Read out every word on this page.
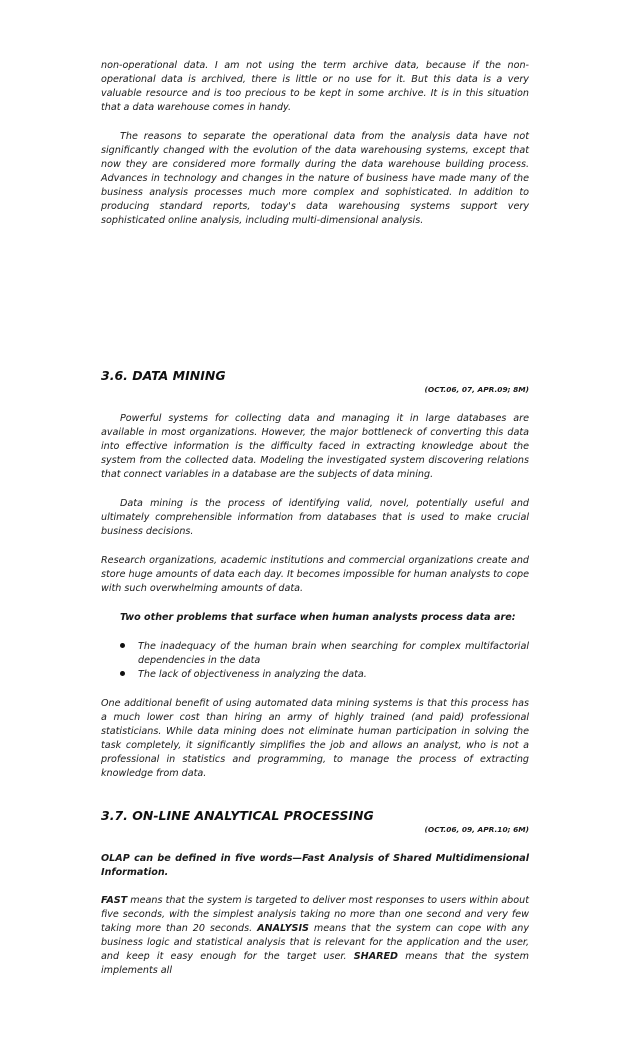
non-operational data. I am not using the term archive data, because if the non-operational data is archived, there is little or no use for it. But this data is a very valuable resource and is too precious to be kept in some archive. It is in this situation that a data warehouse comes in handy.

The reasons to separate the operational data from the analysis data have not significantly changed with the evolution of the data warehousing systems, except that now they are considered more formally during the data warehouse building process. Advances in technology and changes in the nature of business have made many of the business analysis processes much more complex and sophisticated. In addition to producing standard reports, today's data warehousing systems support very sophisticated online analysis, including multi-dimensional analysis.

3.6. DATA MINING
(OCT.06, 07, APR.09; 8M)

Powerful systems for collecting data and managing it in large databases are available in most organizations. However, the major bottleneck of converting this data into effective information is the difficulty faced in extracting knowledge about the system from the collected data. Modeling the investigated system discovering relations that connect variables in a database are the subjects of data mining.

Data mining is the process of identifying valid, novel, potentially useful and ultimately comprehensible information from databases that is used to make crucial business decisions.

Research organizations, academic institutions and commercial organizations create and store huge amounts of data each day. It becomes impossible for human analysts to cope with such overwhelming amounts of data.

Two other problems that surface when human analysts process data are:

The inadequacy of the human brain when searching for complex multifactorial dependencies in the data
The lack of objectiveness in analyzing the data.

One additional benefit of using automated data mining systems is that this process has a much lower cost than hiring an army of highly trained (and paid) professional statisticians. While data mining does not eliminate human participation in solving the task completely, it significantly simplifies the job and allows an analyst, who is not a professional in statistics and programming, to manage the process of extracting knowledge from data.

3.7. ON-LINE ANALYTICAL PROCESSING
(OCT.06, 09, APR.10; 6M)

OLAP can be defined in five words—Fast Analysis of Shared Multidimensional Information.

FAST means that the system is targeted to deliver most responses to users within about five seconds, with the simplest analysis taking no more than one second and very few taking more than 20 seconds. ANALYSIS means that the system can cope with any business logic and statistical analysis that is relevant for the application and the user, and keep it easy enough for the target user. SHARED means that the system implements all
